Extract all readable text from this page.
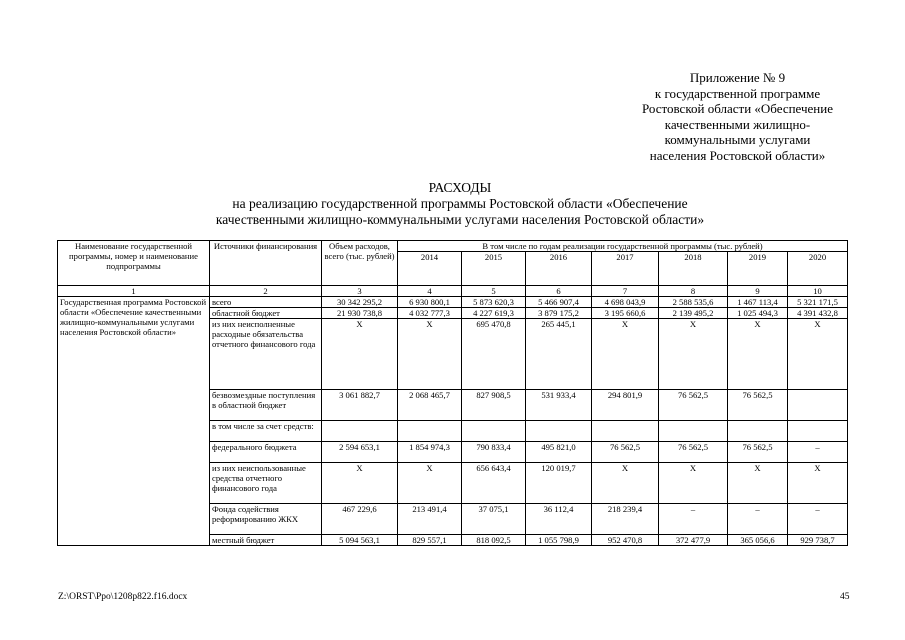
Приложение № 9
к государственной программе
Ростовской области «Обеспечение
качественными жилищно-
коммунальными услугами
населения Ростовской области»
РАСХОДЫ
на реализацию государственной программы Ростовской области «Обеспечение
качественными жилищно-коммунальными услугами населения Ростовской области»
Наименование государственной программы, номер и наименование подпрограммы	Источники финансирования	Объем расходов, всего (тыс. рублей)	В том числе по годам реализации государственной программы (тыс. рублей)						
			2014	2015	2016	2017	2018	2019	2020
1	2	3	4	5	6	7	8	9	10
Государственная программа Ростовской области «Обеспечение качественными жилищно-коммунальными услугами населения Ростовской области»	всего	30 342 295,2	6 930 800,1	5 873 620,3	5 466 907,4	4 698 043,9	2 588 535,6	1 467 113,4	5 321 171,5
	областной бюджет	21 930 738,8	4 032 777,3	4 227 619,3	3 879 175,2	3 195 660,6	2 139 495,2	1 025 494,3	4 391 432,8
	из них неисполненные расходные обязательства отчетного финансового года	X	X	695 470,8	265 445,1	X	X	X	X
	безвозмездные поступления в областной бюджет	3 061 882,7	2 068 465,7	827 908,5	531 933,4	294 801,9	76 562,5	76 562,5	
	в том числе за счет средств:								
	федерального бюджета	2 594 653,1	1 854 974,3	790 833,4	495 821,0	76 562,5	76 562,5	76 562,5	–
	из них неиспользованные средства отчетного финансового года	X	X	656 643,4	120 019,7	X	X	X	X
	Фонда содействия реформированию ЖКХ	467 229,6	213 491,4	37 075,1	36 112,4	218 239,4	–	–	–
	местный бюджет	5 094 563,1	829 557,1	818 092,5	1 055 798,9	952 470,8	372 477,9	365 056,6	929 738,7
Z:\ORST\Ppo\1208p822.f16.docx	45
